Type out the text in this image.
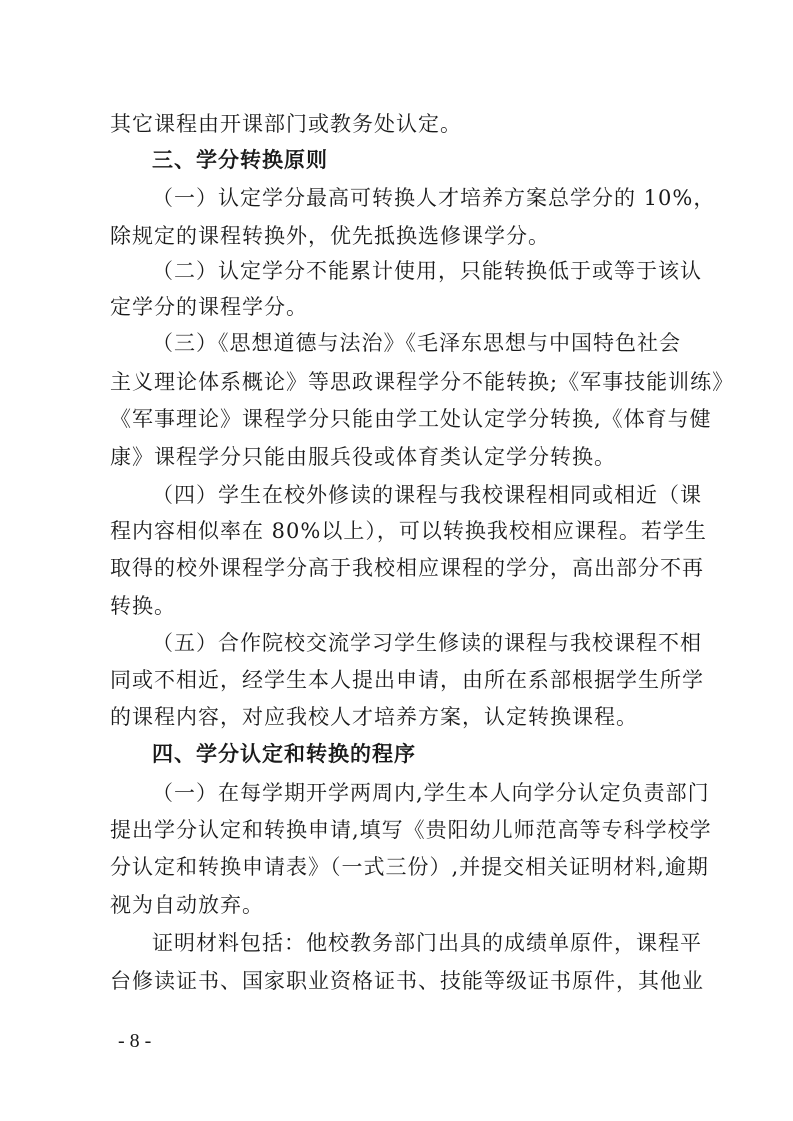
其它课程由开课部门或教务处认定。
三、学分转换原则
（一）认定学分最高可转换人才培养方案总学分的 10%，
除规定的课程转换外，优先抵换选修课学分。
（二）认定学分不能累计使用，只能转换低于或等于该认
定学分的课程学分。
（三）《思想道德与法治》《毛泽东思想与中国特色社会
主义理论体系概论》等思政课程学分不能转换;《军事技能训练》
《军事理论》课程学分只能由学工处认定学分转换,《体育与健
康》课程学分只能由服兵役或体育类认定学分转换。
（四）学生在校外修读的课程与我校课程相同或相近（课
程内容相似率在 80%以上），可以转换我校相应课程。若学生
取得的校外课程学分高于我校相应课程的学分，高出部分不再
转换。
（五）合作院校交流学习学生修读的课程与我校课程不相
同或不相近，经学生本人提出申请，由所在系部根据学生所学
的课程内容，对应我校人才培养方案，认定转换课程。
四、学分认定和转换的程序
（一）在每学期开学两周内,学生本人向学分认定负责部门
提出学分认定和转换申请,填写《贵阳幼儿师范高等专科学校学
分认定和转换申请表》（一式三份）,并提交相关证明材料,逾期
视为自动放弃。
证明材料包括：他校教务部门出具的成绩单原件，课程平
台修读证书、国家职业资格证书、技能等级证书原件，其他业
- 8 -
